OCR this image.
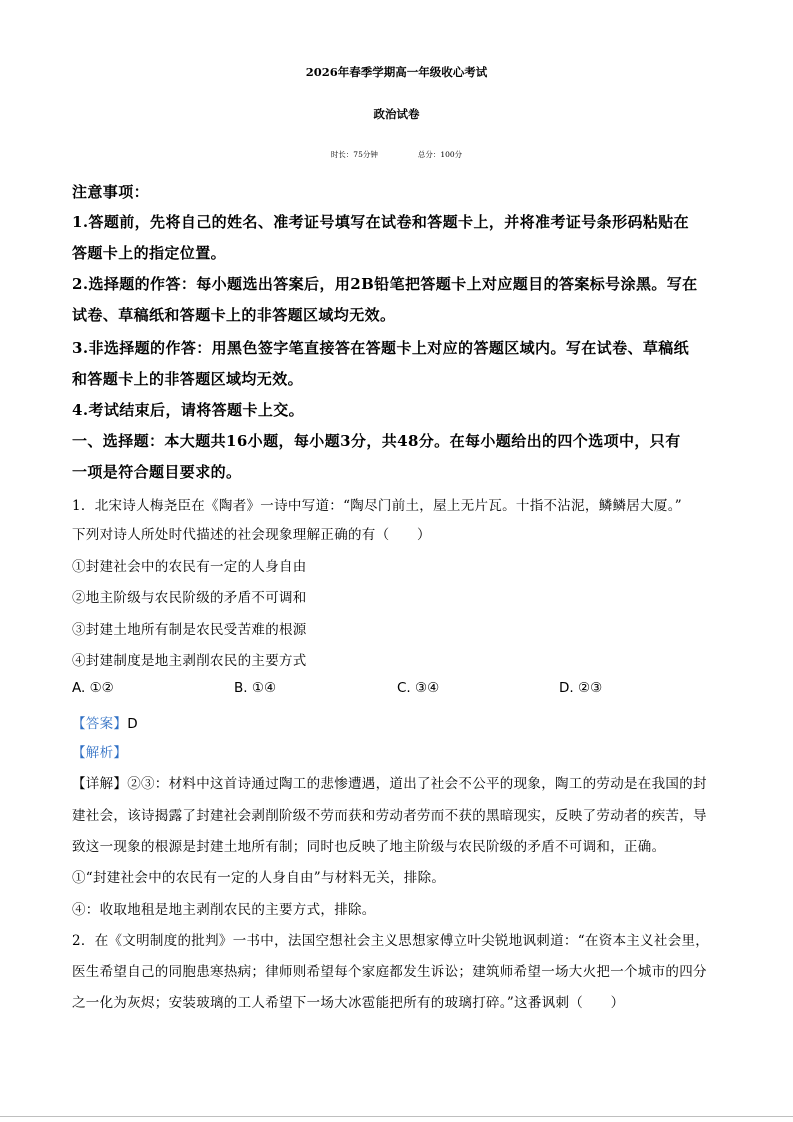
2026年春季学期高一年级收心考试
政治试卷
时长：75分钟	总分：100分
注意事项：
1.答题前，先将自己的姓名、准考证号填写在试卷和答题卡上，并将准考证号条形码粘贴在
答题卡上的指定位置。
2.选择题的作答：每小题选出答案后，用2B铅笔把答题卡上对应题目的答案标号涂黑。写在
试卷、草稿纸和答题卡上的非答题区域均无效。
3.非选择题的作答：用黑色签字笔直接答在答题卡上对应的答题区域内。写在试卷、草稿纸
和答题卡上的非答题区域均无效。
4.考试结束后，请将答题卡上交。
一、选择题：本大题共16小题，每小题3分，共48分。在每小题给出的四个选项中，只有
一项是符合题目要求的。
1．北宋诗人梅尧臣在《陶者》一诗中写道：“陶尽门前土，屋上无片瓦。十指不沾泥，鳞鳞居大厦。”
下列对诗人所处时代描述的社会现象理解正确的有（　　）
①封建社会中的农民有一定的人身自由
②地主阶级与农民阶级的矛盾不可调和
③封建土地所有制是农民受苦难的根源
④封建制度是地主剥削农民的主要方式
A. ①②	B. ①④	C. ③④	D. ②③
【答案】D
【解析】
【详解】②③：材料中这首诗通过陶工的悲惨遭遇，道出了社会不公平的现象，陶工的劳动是在我国的封
建社会，该诗揭露了封建社会剥削阶级不劳而获和劳动者劳而不获的黑暗现实，反映了劳动者的疾苦，导
致这一现象的根源是封建土地所有制；同时也反映了地主阶级与农民阶级的矛盾不可调和，正确。
①“封建社会中的农民有一定的人身自由”与材料无关，排除。
④：收取地租是地主剥削农民的主要方式，排除。
2．在《文明制度的批判》一书中，法国空想社会主义思想家傅立叶尖锐地讽刺道：“在资本主义社会里，
医生希望自己的同胞患寒热病；律师则希望每个家庭都发生诉讼；建筑师希望一场大火把一个城市的四分
之一化为灰烬；安装玻璃的工人希望下一场大冰雹能把所有的玻璃打碎。”这番讽刺（　　）
